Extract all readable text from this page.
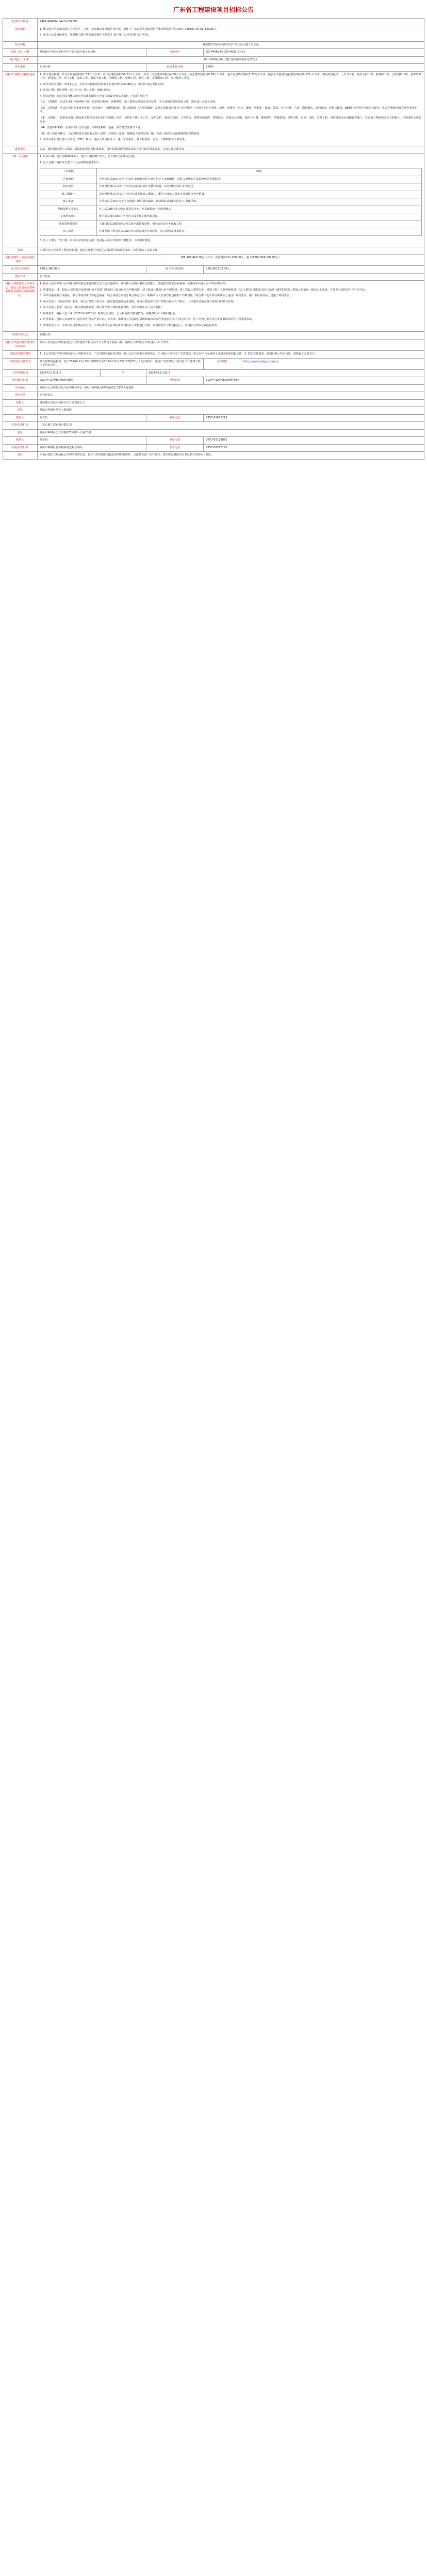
广东省工程建设项目招标公告
投资项目代码	2407-440604-04-01-839097
招标依据	1. 佛山建行里盐南高街住宅开发区，已获广东省佛山市禅城区审计部门审批（广东省全省投资项目在线审批监管平台2407-440604-04-01-839097）。
2. 项目已具备招标条件，现对佛山建行里盐南高街住宅开发区 设计施工总承包进行公开招标。

项目名称	佛山建行里盐南高街住宅开发区设计施工总承包
标段（包）名称	佛山建行里盐南高街住宅开发区设计施工总承包	标段编号	GC-440604-2024-0062-01/01
项目地点（区域）	佛山市禅城区佛山建行里盐南高街住宅开发区
资金来源	企业自筹	投资来源比例	100%
招标项目概况与招标范围	1. 项目建设规模：项目总用地面积约1.57万平方米，项目总建筑面积约6.21万平方米，其中：住宅建筑面积约4.39万平方米，商业建筑面积约0.38万平方米，地下室建筑面积约1.27万平方米；配套公共服务设施建筑面积约0.17万平方米。建设内容包括：土石方工程、基坑支护工程、桩基础工程、主体建筑工程、装饰装修工程、给排水工程、电气工程、消防工程、通风空调工程、智能化工程、电梯工程、燃气工程、室外配套工程、园林绿化工程等。
2. 项目估算总投资：约3.1亿元，其中本次招标的设计施工总承包费用约2.86亿元（最终以审定预算为准）。
3. 计划工期：设计周期：90日历天；施工工期：900日历天。
4. 招标范围：本次招标为佛山建行里盐南高街住宅开发区的设计施工总承包，包括但不限于：
（1）工程勘察：负责本项目全部勘察工作，包括初步勘察、详细勘察、施工勘察及地质灾害评估等，并出具相应勘察成果文件，满足设计及施工需要。
（2）工程设计：负责本项目方案设计优化、初步设计（含概算编制）、施工图设计（含预算编制）及施工阶段设计配合与后期服务，包括但不限于建筑、结构、给排水、电气、暖通、智能化、幕墙、景观、室内装修、人防、海绵城市、绿色建筑、装配式建筑、BIM技术应用等全部专业设计；负责办理设计相关审查审批手续。
（3）工程施工：按照审定施工图及相关规范完成本项目全部施工内容，包括但不限于土石方、基坑支护、地基与基础、主体结构、建筑装饰装修、建筑屋面、给排水及采暖、通风与空调、建筑电气、智能建筑、建筑节能、电梯、消防、室外工程、园林绿化及市政配套等施工；负责施工期间的安全文明施工、环境保护及成品保护。
（4）设备材料采购：负责本项目全部设备、材料的采购、运输、保管及安装调试工作。
（5）竣工验收及移交：负责组织各专项验收及竣工验收，办理竣工备案，编制竣工资料及竣工图，完成工程移交及保修期内的保修服务。
5. 本项目采用设计施工总承包（EPC）模式，投标人须承担设计、施工全部责任，对工程质量、安全、工期和造价全面负责。

质量要求	合格，满足国家现行工程施工质量验收规范及标准要求。设计质量需满足国家及地方现行设计规范要求，并通过施工图审查。
工期（交货期）	1. 计划工期：设计周期90日历天，施工工期900日历天，总工期以合同约定为准。
2. 设计及施工各阶段主要工作及完成时间要求如下：
工作名称	时间
方案设计	合同签订后30日历天内完成方案设计优化并通过招标人审核确认，同时完成规划方案报批所需全部资料。
初步设计	方案设计确认后20日历天内完成初步设计及概算编制，并取得相关部门审查意见。
施工图设计	初步设计批复后40日历天内完成全部施工图设计，配合完成施工图审查并取得审查合格书。
施工准备	合同签订后15日历天内完成施工组织设计编制、现场临时设施搭建及开工报建手续。
基础及地下室施工	开工后180日历天内完成基坑支护、桩基础及地下室结构施工。
主体结构施工	地下室完成后300日历天内完成全部主体结构封顶。
装饰装修及安装	主体封顶后300日历天内完成全部装饰装修、机电安装及室外配套工程。
竣工验收	完成全部工程内容后120日历天内完成各专项验收、竣工验收及备案移交。
3. 以上工期为计划工期，具体以合同约定为准；因招标人原因导致的工期延误，工期相应顺延。

其他	本项目实行全过程工程造价控制；投标人须配合招标人完成项目各阶段的审计、结算及竣工决算工作。
招标控制价（或最高投标限价）	285,768,463.00元（其中：设计费4,812,360.00元，施工费280,956,103.00元）
设计部分控制价	4,812,360.00元	施工部分控制价	280,956,103.00元
招标方式	公开招标
投标人资格要求及审查办法（投标人须具备的资格条件及承担招标项目的能力）	
1. 投标人须为中华人民共和国境内依法注册的独立法人或其他组织，具有独立承担民事责任的能力，须提供有效的营业执照（或事业单位法人证书等证明文件）。
2. 资质要求：（1）投标人须同时具备建设行政主管部门颁发的工程设计综合甲级资质，或工程设计建筑行业甲级资质，或工程设计建筑行业（建筑工程）专业甲级资质；（2）同时具备建设行政主管部门颁发的建筑工程施工总承包一级及以上资质，并具有有效的安全生产许可证。
3. 本项目接受联合体投标。联合体成员单位不超过两家，联合体各方应签订联合体协议书，明确牵头人及各方拟承担的工作和责任；联合体中设计单位须具备上述设计资质要求，施工单位须具备上述施工资质要求。
4. 项目负责人（项目经理）要求：须具有建筑工程专业一级注册建造师执业资格，具备有效的安全生产考核合格证书（B证），且未担任其他在建工程项目的项目经理。
5. 设计负责人要求：须具有一级注册建筑师或一级注册结构工程师执业资格，具有高级及以上技术职称。
6. 财务要求：投标人近三年（2021年-2023年）财务状况良好，无亏损或资不抵债情况，须提供经审计的财务报告。
7. 信誉要求：投标人未被列入“信用中国”网站严重失信主体名单；未被列入中国政府采购网政府采购严重违法失信行为记录名单；近三年内无重大安全责任事故和重大工程质量事故。
8. 资格审查方式：本项目采用资格后审方式，由评标委员会在评标阶段对投标人资格进行审查，资格审查不合格的投标人，其投标文件按无效投标处理。

资格审查方法	资格后审
投标文件递交截止时间及开标时间	投标人应在截止时间前通过广东省建设工程交易平台上传电子投标文件，逾期上传的投标文件招标人不予受理。
其他需说明的事项	1. 本公告同时在中国招标投标公共服务平台、广东省招标投标监管网、佛山市公共资源交易网发布。2. 投标人须登录广东省建设工程交易平台完成网上注册并获取招标文件。3. 招标文件澄清、补遗以网上发布为准，请投标人及时关注。
获取招标文件方式	凡有意参加投标者，请于2024年11月15日9时00分至2024年11月22日17时30分（北京时间），通过广东省建设工程交易平台免费下载电子招标文件。	获取网址	https://www.gdggzy.org.cn
文件获取时间	2024年11月15日	至	2024年11月22日
投标截止时间	2024年12月06日09时30分	开标时间	2024年12月06日09时30分
开标地点	佛山市公共资源交易中心禅城分中心（佛山市禅城区季华五路22号季华大厦3楼）
评标办法	综合评估法
招标人	佛山建行里盐南高街住宅开发有限公司
地址	佛山市禅城区季华五路28号
联系人	陈先生	联系电话	0757-82633216
招标代理机构	广东正衡工程咨询有限公司
地址	佛山市禅城区汾江中路121号佛山大厦18楼
联系人	黄小姐	联系电话	0757-83119865
招标监督机构	佛山市禅城区住房城乡建设和水利局	监督电话	0757-82268193
备注	本项目招标人对招标公告中的内容负责，投标人对其提供的投标资料的真实性、合法性负责。如有异议，请在规定期限内以书面形式向招标人提出。
